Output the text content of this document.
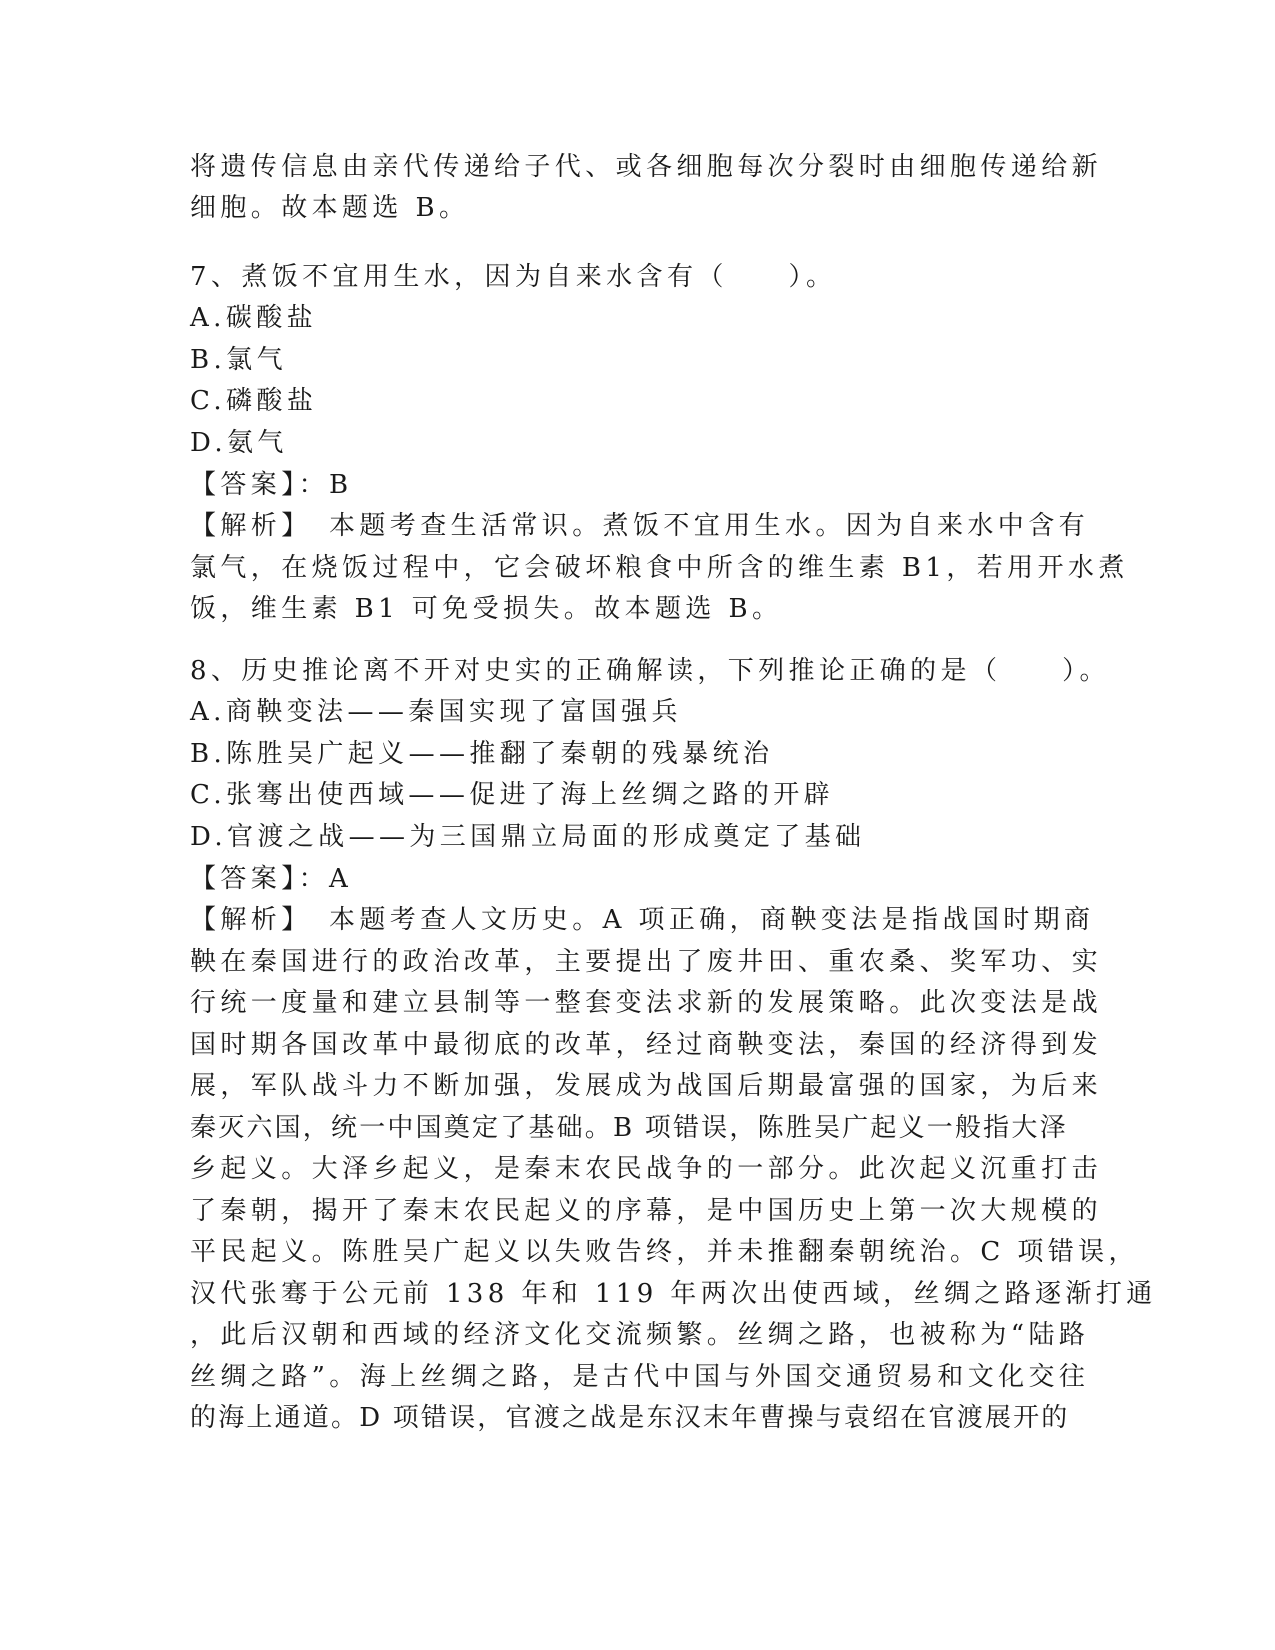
将遗传信息由亲代传递给子代、或各细胞每次分裂时由细胞传递给新
细胞。故本题选 B。
7、煮饭不宜用生水，因为自来水含有（　　）。
A.碳酸盐
B.氯气
C.磷酸盐
D.氨气
【答案】：B
【解析】　本题考查生活常识。煮饭不宜用生水。因为自来水中含有
氯气，在烧饭过程中，它会破坏粮食中所含的维生素 B1，若用开水煮
饭，维生素 B1 可免受损失。故本题选 B。
8、历史推论离不开对史实的正确解读，下列推论正确的是（　　）。
A.商鞅变法——秦国实现了富国强兵
B.陈胜吴广起义——推翻了秦朝的残暴统治
C.张骞出使西域——促进了海上丝绸之路的开辟
D.官渡之战——为三国鼎立局面的形成奠定了基础
【答案】：A
【解析】　本题考查人文历史。A 项正确，商鞅变法是指战国时期商
鞅在秦国进行的政治改革，主要提出了废井田、重农桑、奖军功、实
行统一度量和建立县制等一整套变法求新的发展策略。此次变法是战
国时期各国改革中最彻底的改革，经过商鞅变法，秦国的经济得到发
展，军队战斗力不断加强，发展成为战国后期最富强的国家，为后来
秦灭六国，统一中国奠定了基础。B 项错误，陈胜吴广起义一般指大泽
乡起义。大泽乡起义，是秦末农民战争的一部分。此次起义沉重打击
了秦朝，揭开了秦末农民起义的序幕，是中国历史上第一次大规模的
平民起义。陈胜吴广起义以失败告终，并未推翻秦朝统治。C 项错误，
汉代张骞于公元前 138 年和 119 年两次出使西域，丝绸之路逐渐打通
，此后汉朝和西域的经济文化交流频繁。丝绸之路，也被称为“陆路
丝绸之路”。海上丝绸之路，是古代中国与外国交通贸易和文化交往
的海上通道。D 项错误，官渡之战是东汉末年曹操与袁绍在官渡展开的
